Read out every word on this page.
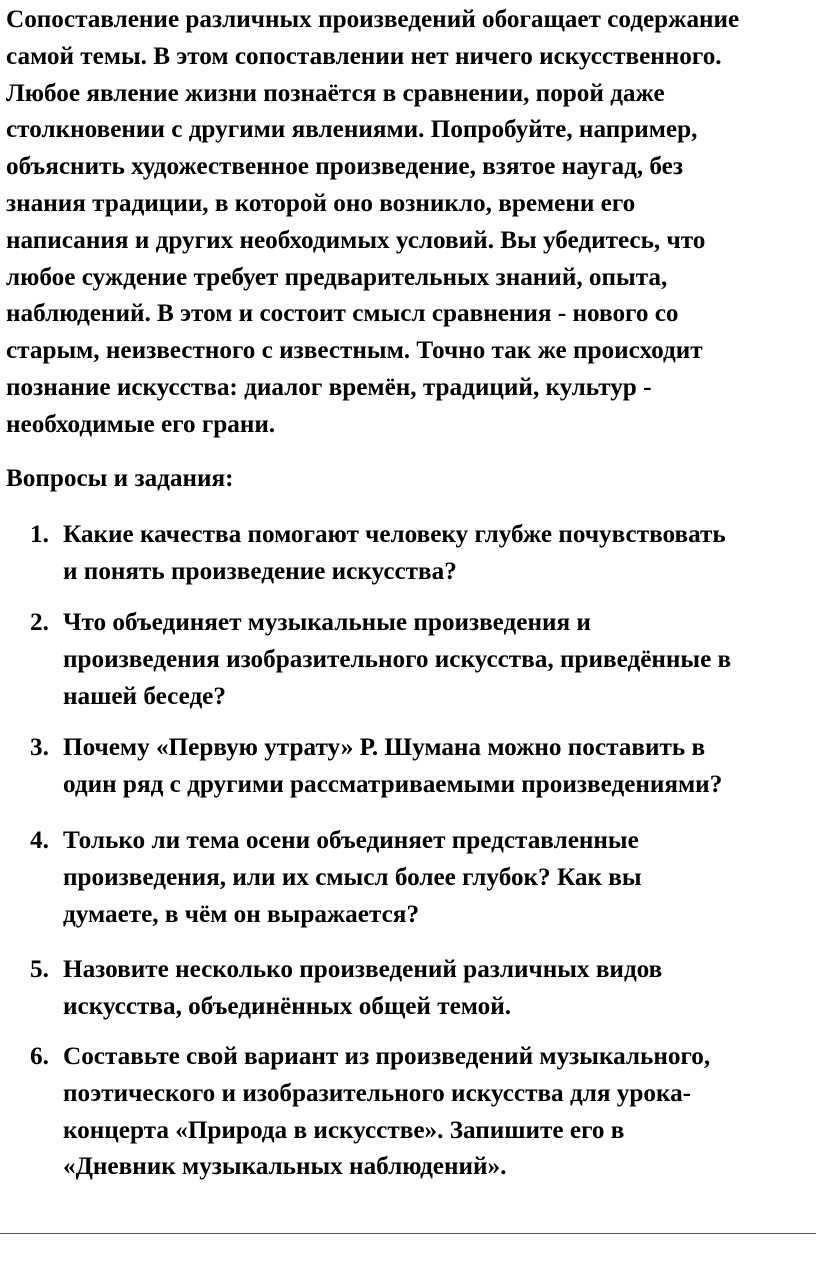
Сопоставление различных произведений обогащает содержание
самой темы. В этом сопоставлении нет ничего искусственного.
Любое явление жизни познаётся в сравнении, порой даже
столкновении с другими явлениями. Попробуйте, например,
объяснить художественное произведение, взятое наугад, без
знания традиции, в которой оно возникло, времени его
написания и других необходимых условий. Вы убедитесь, что
любое суждение требует предварительных знаний, опыта,
наблюдений. В этом и состоит смысл сравнения - нового со
старым, неизвестного с известным. Точно так же происходит
познание искусства: диалог времён, традиций, культур -
необходимые его грани.

Вопросы и задания:

1. Какие качества помогают человеку глубже почувствовать
и понять произведение искусства?
2. Что объединяет музыкальные произведения и
произведения изобразительного искусства, приведённые в
нашей беседе?
3. Почему «Первую утрату» Р. Шумана можно поставить в
один ряд с другими рассматриваемыми произведениями?
4. Только ли тема осени объединяет представленные
произведения, или их смысл более глубок? Как вы
думаете, в чём он выражается?
5. Назовите несколько произведений различных видов
искусства, объединённых общей темой.
6. Составьте свой вариант из произведений музыкального,
поэтического и изобразительного искусства для урока-
концерта «Природа в искусстве». Запишите его в
«Дневник музыкальных наблюдений».
